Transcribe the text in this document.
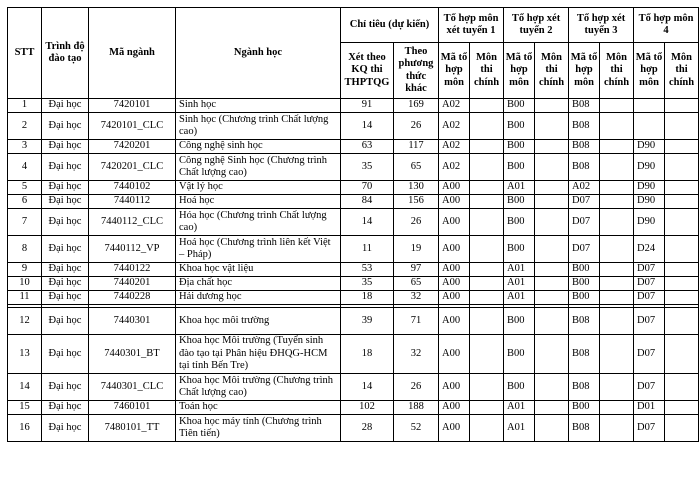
STT	Trình độ đào tạo	Mã ngành	Ngành học	Chỉ tiêu (dự kiến)		Tổ hợp môn xét tuyển 1		Tổ hợp xét tuyển 2		Tổ hợp xét tuyển 3		Tổ hợp môn 4	
				Xét theo KQ thi THPTQG	Theo phương thức khác	Mã tổ hợp môn	Môn thi chính	Mã tổ hợp môn	Môn thi chính	Mã tổ hợp môn	Môn thi chính	Mã tổ hợp môn	Môn thi chính
1	Đại học	7420101	Sinh học	91	169	A02		B00		B08			
2	Đại học	7420101_CLC	Sinh học (Chương trình Chất lượng cao)	14	26	A02		B00		B08			
3	Đại học	7420201	Công nghệ sinh học	63	117	A02		B00		B08		D90	
4	Đại học	7420201_CLC	Công nghệ Sinh học (Chương trình Chất lượng cao)	35	65	A02		B00		B08		D90	
5	Đại học	7440102	Vật lý học	70	130	A00		A01		A02		D90	
6	Đại học	7440112	Hoá học	84	156	A00		B00		D07		D90	
7	Đại học	7440112_CLC	Hóa học (Chương trình Chất lượng cao)	14	26	A00		B00		D07		D90	
8	Đại học	7440112_VP	Hoá học (Chương trình liên kết Việt – Pháp)	11	19	A00		B00		D07		D24	
9	Đại học	7440122	Khoa học vật liệu	53	97	A00		A01		B00		D07	
10	Đại học	7440201	Địa chất học	35	65	A00		A01		B00		D07	
11	Đại học	7440228	Hải dương học	18	32	A00		A01		B00		D07	

12	Đại học	7440301	Khoa học môi trường	39	71	A00		B00		B08		D07	
13	Đại học	7440301_BT	Khoa học Môi trường (Tuyển sinh đào tạo tại Phân hiệu ĐHQG-HCM tại tỉnh Bến Tre)	18	32	A00		B00		B08		D07	
14	Đại học	7440301_CLC	Khoa học Môi trường (Chương trình Chất lượng cao)	14	26	A00		B00		B08		D07	
15	Đại học	7460101	Toán học	102	188	A00		A01		B00		D01	
16	Đại học	7480101_TT	Khoa học máy tính (Chương trình Tiên tiến)	28	52	A00		A01		B08		D07	
